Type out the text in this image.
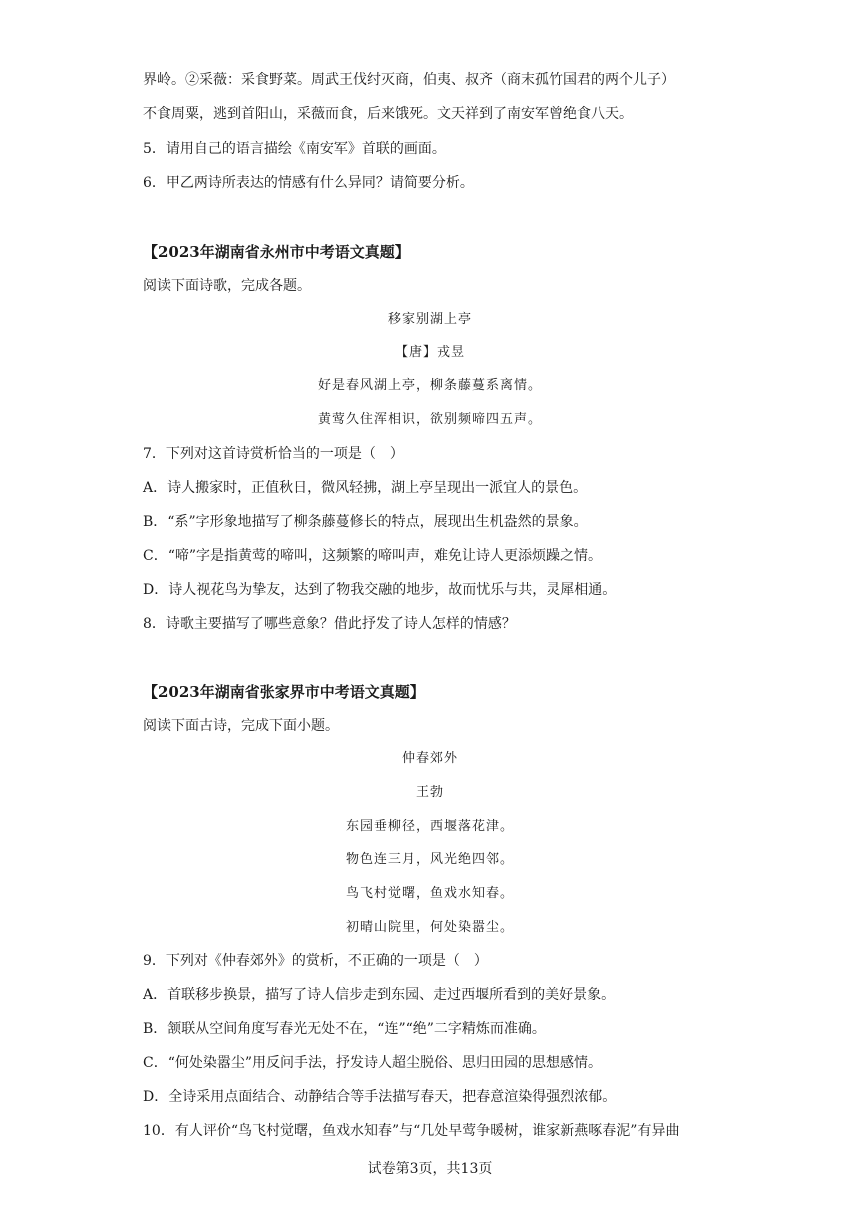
界岭。②采薇：采食野菜。周武王伐纣灭商，伯夷、叔齐（商末孤竹国君的两个儿子）
不食周粟，逃到首阳山，采薇而食，后来饿死。文天祥到了南安军曾绝食八天。
5．请用自己的语言描绘《南安军》首联的画面。
6．甲乙两诗所表达的情感有什么异同？请简要分析。
【2023年湖南省永州市中考语文真题】
阅读下面诗歌，完成各题。
移家别湖上亭
【唐】戎昱
好是春风湖上亭，柳条藤蔓系离情。
黄莺久住浑相识，欲别频啼四五声。
7．下列对这首诗赏析恰当的一项是（　）
A．诗人搬家时，正值秋日，微风轻拂，湖上亭呈现出一派宜人的景色。
B．“系”字形象地描写了柳条藤蔓修长的特点，展现出生机盎然的景象。
C．“啼”字是指黄莺的啼叫，这频繁的啼叫声，难免让诗人更添烦躁之情。
D．诗人视花鸟为挚友，达到了物我交融的地步，故而忧乐与共，灵犀相通。
8．诗歌主要描写了哪些意象？借此抒发了诗人怎样的情感？
【2023年湖南省张家界市中考语文真题】
阅读下面古诗，完成下面小题。
仲春郊外
王勃
东园垂柳径，西堰落花津。
物色连三月，风光绝四邻。
鸟飞村觉曙，鱼戏水知春。
初晴山院里，何处染嚣尘。
9．下列对《仲春郊外》的赏析，不正确的一项是（　）
A．首联移步换景，描写了诗人信步走到东园、走过西堰所看到的美好景象。
B．颔联从空间角度写春光无处不在，“连”“绝”二字精炼而准确。
C．“何处染嚣尘”用反问手法，抒发诗人超尘脱俗、思归田园的思想感情。
D．全诗采用点面结合、动静结合等手法描写春天，把春意渲染得强烈浓郁。
10．有人评价“鸟飞村觉曙，鱼戏水知春”与“几处早莺争暖树，谁家新燕啄春泥”有异曲
试卷第3页，共13页
